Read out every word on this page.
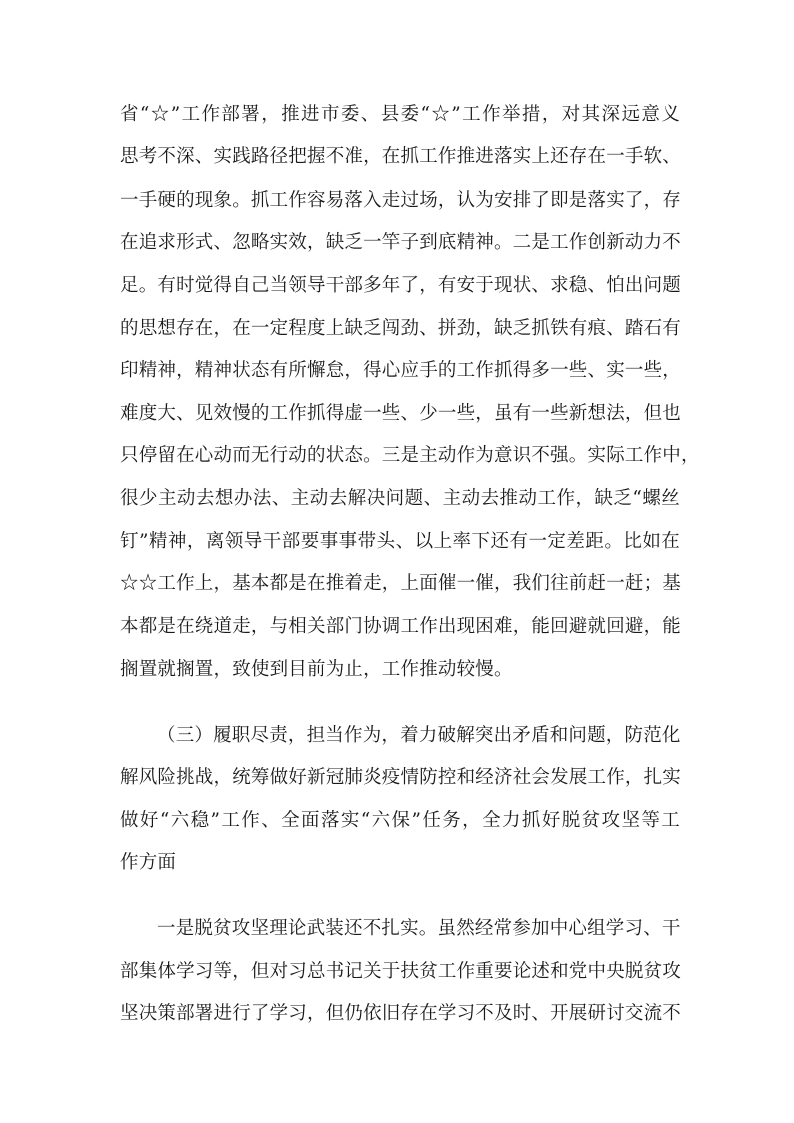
省“☆”工作部署，推进市委、县委“☆”工作举措，对其深远意义
思考不深、实践路径把握不准，在抓工作推进落实上还存在一手软、
一手硬的现象。抓工作容易落入走过场，认为安排了即是落实了，存
在追求形式、忽略实效，缺乏一竿子到底精神。二是工作创新动力不
足。有时觉得自己当领导干部多年了，有安于现状、求稳、怕出问题
的思想存在，在一定程度上缺乏闯劲、拼劲，缺乏抓铁有痕、踏石有
印精神，精神状态有所懈怠，得心应手的工作抓得多一些、实一些，
难度大、见效慢的工作抓得虚一些、少一些，虽有一些新想法，但也
只停留在心动而无行动的状态。三是主动作为意识不强。实际工作中，
很少主动去想办法、主动去解决问题、主动去推动工作，缺乏“螺丝
钉”精神，离领导干部要事事带头、以上率下还有一定差距。比如在
☆☆工作上，基本都是在推着走，上面催一催，我们往前赶一赶；基
本都是在绕道走，与相关部门协调工作出现困难，能回避就回避，能
搁置就搁置，致使到目前为止，工作推动较慢。
（三）履职尽责，担当作为，着力破解突出矛盾和问题，防范化
解风险挑战，统筹做好新冠肺炎疫情防控和经济社会发展工作，扎实
做好“六稳”工作、全面落实“六保”任务，全力抓好脱贫攻坚等工
作方面
一是脱贫攻坚理论武装还不扎实。虽然经常参加中心组学习、干
部集体学习等，但对习总书记关于扶贫工作重要论述和党中央脱贫攻
坚决策部署进行了学习，但仍依旧存在学习不及时、开展研讨交流不
